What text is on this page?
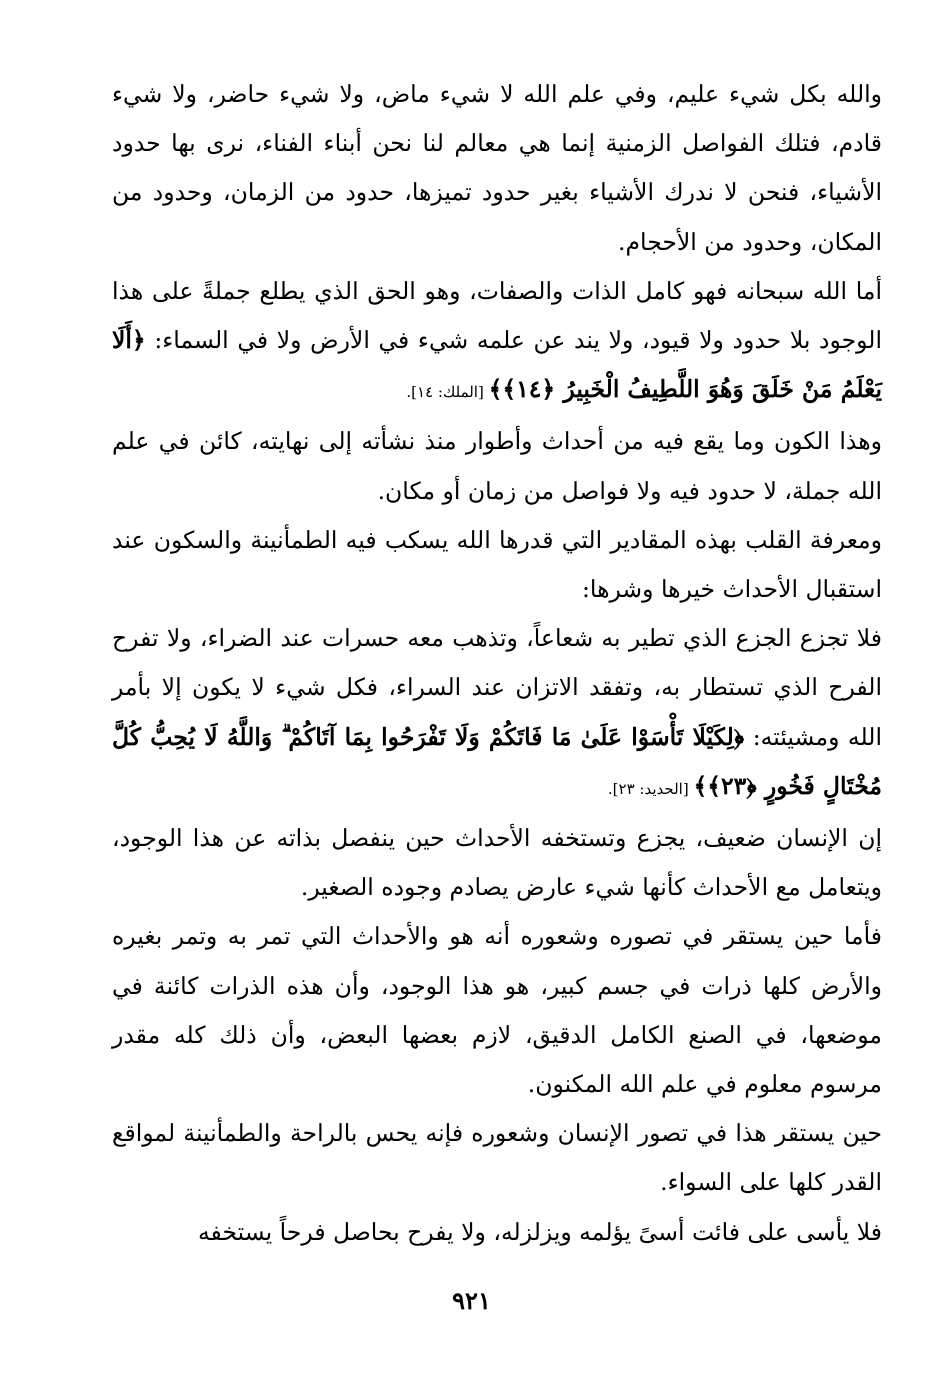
والله بكل شيء عليم، وفي علم الله لا شيء ماض، ولا شيء حاضر، ولا شيء قادم، فتلك الفواصل الزمنية إنما هي معالم لنا نحن أبناء الفناء، نرى بها حدود الأشياء، فنحن لا ندرك الأشياء بغير حدود تميزها، حدود من الزمان، وحدود من المكان، وحدود من الأحجام.

أما الله سبحانه فهو كامل الذات والصفات، وهو الحق الذي يطلع جملةً على هذا الوجود بلا حدود ولا قيود، ولا يند عن علمه شيء في الأرض ولا في السماء: ﴿أَلَا يَعْلَمُ مَنْ خَلَقَ وَهُوَ اللَّطِيفُ الْخَبِيرُ ﴿١٤﴾﴾ [الملك: ١٤].

وهذا الكون وما يقع فيه من أحداث وأطوار منذ نشأته إلى نهايته، كائن في علم الله جملة، لا حدود فيه ولا فواصل من زمان أو مكان.

ومعرفة القلب بهذه المقادير التي قدرها الله يسكب فيه الطمأنينة والسكون عند استقبال الأحداث خيرها وشرها:

فلا تجزع الجزع الذي تطير به شعاعاً، وتذهب معه حسرات عند الضراء، ولا تفرح الفرح الذي تستطار به، وتفقد الاتزان عند السراء، فكل شيء لا يكون إلا بأمر الله ومشيئته: ﴿لِكَيْلَا تَأْسَوْا عَلَىٰ مَا فَاتَكُمْ وَلَا تَفْرَحُوا بِمَا آتَاكُمْ ۗ وَاللَّهُ لَا يُحِبُّ كُلَّ مُخْتَالٍ فَخُورٍ ﴿٢٣﴾﴾ [الحديد: ٢٣].

إن الإنسان ضعيف، يجزع وتستخفه الأحداث حين ينفصل بذاته عن هذا الوجود، ويتعامل مع الأحداث كأنها شيء عارض يصادم وجوده الصغير.

فأما حين يستقر في تصوره وشعوره أنه هو والأحداث التي تمر به وتمر بغيره والأرض كلها ذرات في جسم كبير، هو هذا الوجود، وأن هذه الذرات كائنة في موضعها، في الصنع الكامل الدقيق، لازم بعضها البعض، وأن ذلك كله مقدر مرسوم معلوم في علم الله المكنون.

حين يستقر هذا في تصور الإنسان وشعوره فإنه يحس بالراحة والطمأنينة لمواقع القدر كلها على السواء.

فلا يأسى على فائت أسىً يؤلمه ويزلزله، ولا يفرح بحاصل فرحاً يستخفه

٩٢١
